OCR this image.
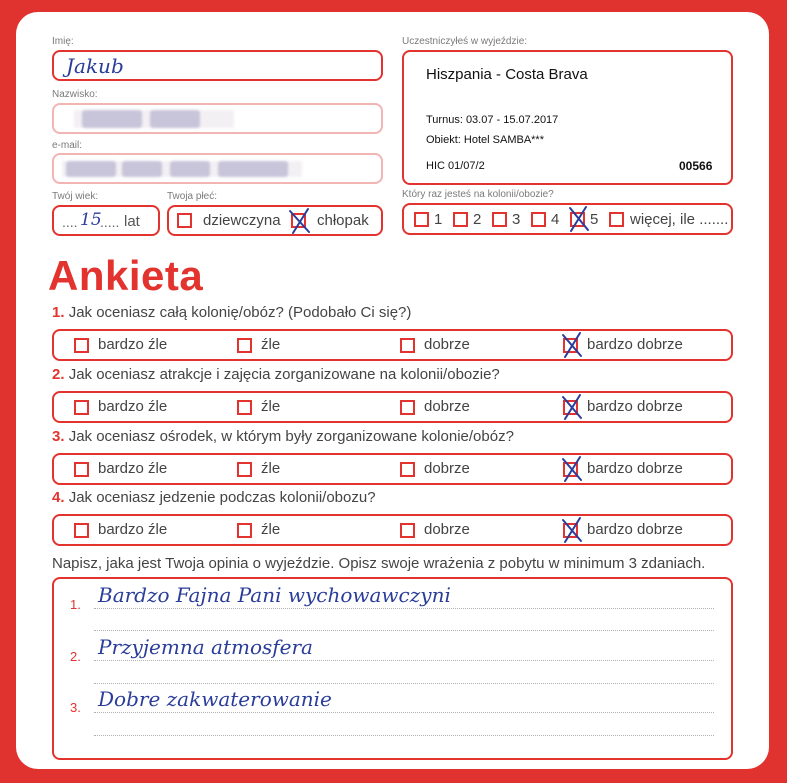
Imię:
Jakub
Nazwisko:
e-mail:
Twój wiek:
.... 15
..... lat
Twoja płeć:
dziewczyna chłopak
Uczestniczyłeś w wyjeździe:
Hiszpania - Costa Brava
Turnus: 03.07 - 15.07.2017
Obiekt: Hotel SAMBA***
HIC 01/07/2	00566
Który raz jesteś na kolonii/obozie?
1 2 3 4 5 więcej, ile .......
Ankieta
1. Jak oceniasz całą kolonię/obóz? (Podobało Ci się?)
bardzo źle	źle	dobrze	bardzo dobrze
2. Jak oceniasz atrakcje i zajęcia zorganizowane na kolonii/obozie?
bardzo źle	źle	dobrze	bardzo dobrze
3. Jak oceniasz ośrodek, w którym były zorganizowane kolonie/obóz?
bardzo źle	źle	dobrze	bardzo dobrze
4. Jak oceniasz jedzenie podczas kolonii/obozu?
bardzo źle	źle	dobrze	bardzo dobrze
Napisz, jaka jest Twoja opinia o wyjeździe. Opisz swoje wrażenia z pobytu w minimum 3 zdaniach.
1. Bardzo Fajna Pani wychowawczyni
2. Przyjemna atmosfera
3. Dobre zakwaterowanie
